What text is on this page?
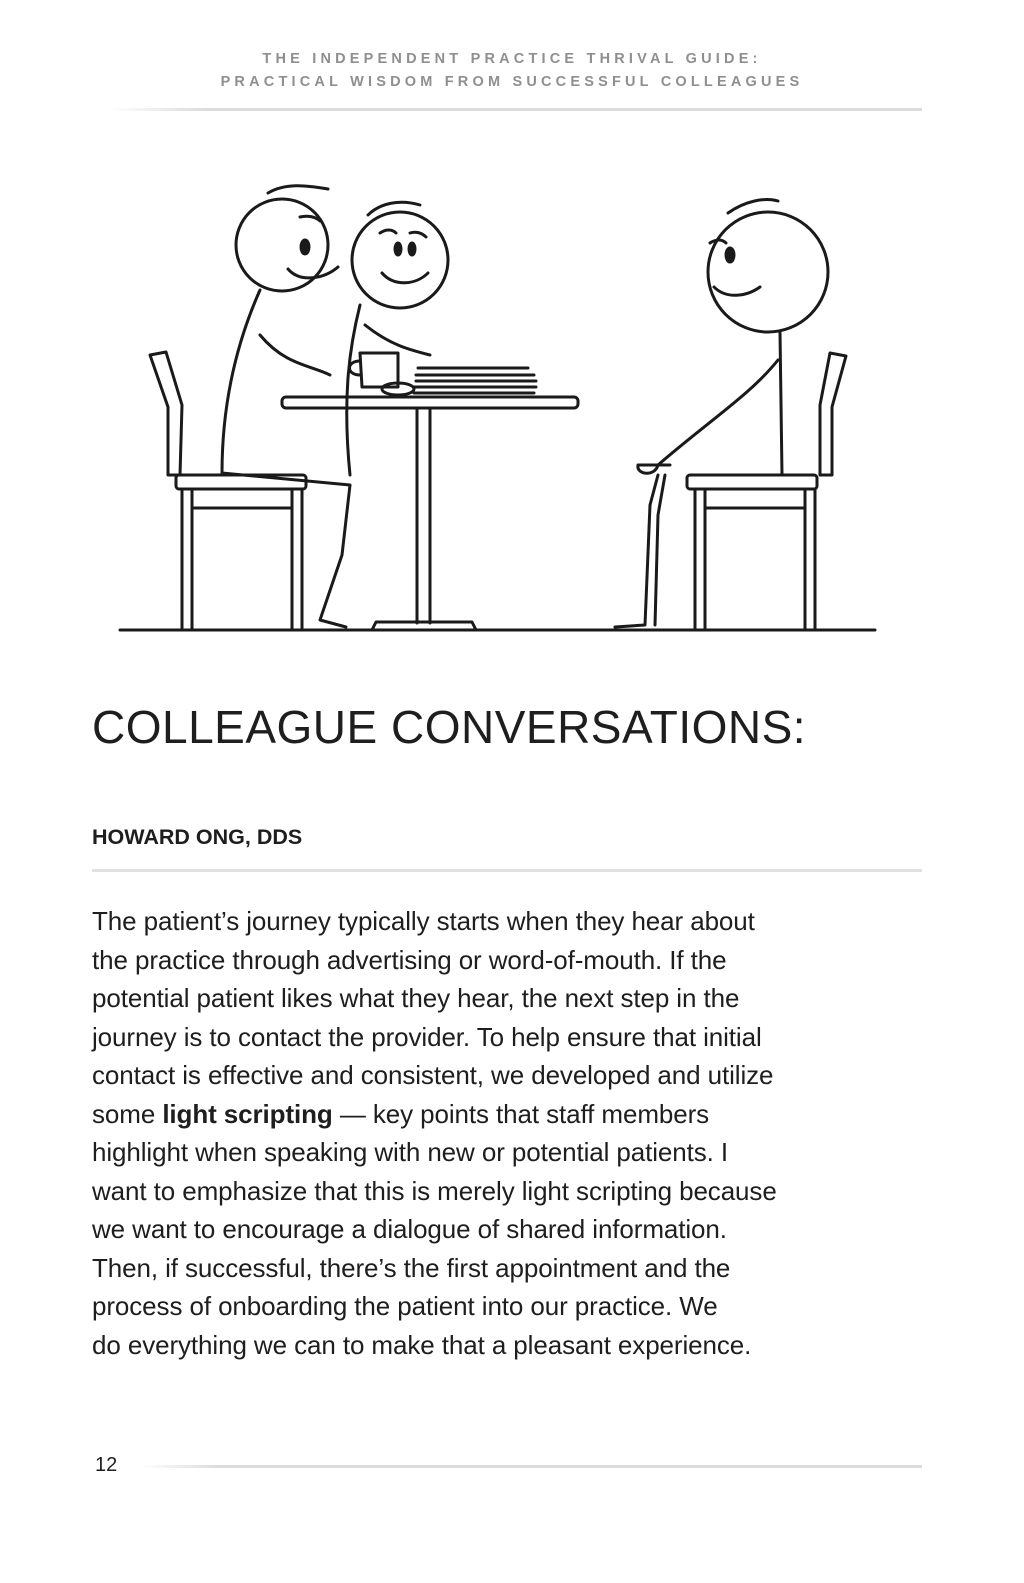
THE INDEPENDENT PRACTICE THRIVAL GUIDE:
PRACTICAL WISDOM FROM SUCCESSFUL COLLEAGUES
COLLEAGUE CONVERSATIONS:
HOWARD ONG, DDS

The patient’s journey typically starts when they hear about
the practice through advertising or word-of-mouth. If the
potential patient likes what they hear, the next step in the
journey is to contact the provider. To help ensure that initial
contact is effective and consistent, we developed and utilize
some light scripting — key points that staff members
highlight when speaking with new or potential patients. I
want to emphasize that this is merely light scripting because
we want to encourage a dialogue of shared information.
Then, if successful, there’s the first appointment and the
process of onboarding the patient into our practice. We
do everything we can to make that a pleasant experience.

12
